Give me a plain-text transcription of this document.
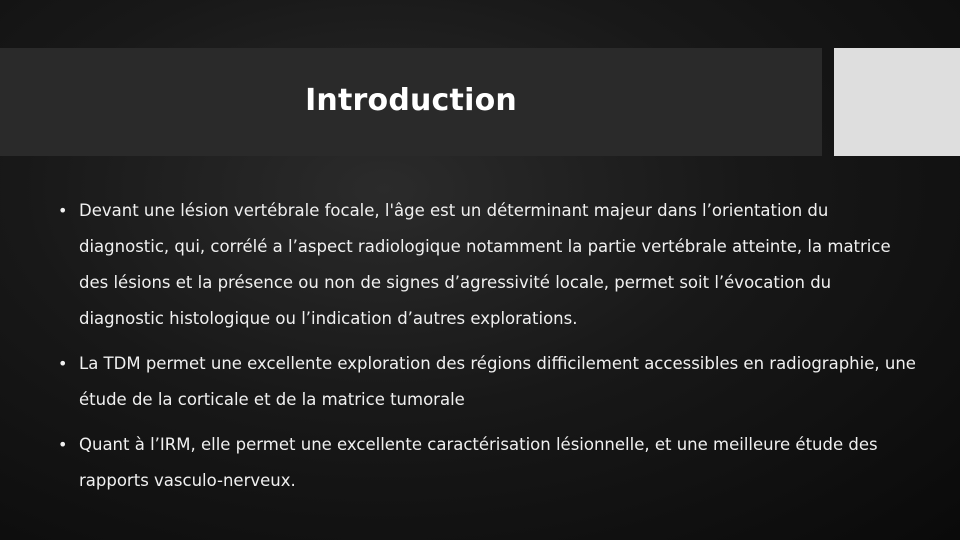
Introduction
• Devant une lésion vertébrale focale, l'âge est un déterminant majeur dans l’orientation du diagnostic, qui, corrélé a l’aspect radiologique notamment la partie vertébrale atteinte, la matrice des lésions et la présence ou non de signes d’agressivité locale, permet soit l’évocation du diagnostic histologique ou l’indication d’autres explorations.
• La TDM permet une excellente exploration des régions difficilement accessibles en radiographie, une étude de la corticale et de la matrice tumorale
• Quant à l’IRM, elle permet une excellente caractérisation lésionnelle, et une meilleure étude des rapports vasculo-nerveux.
